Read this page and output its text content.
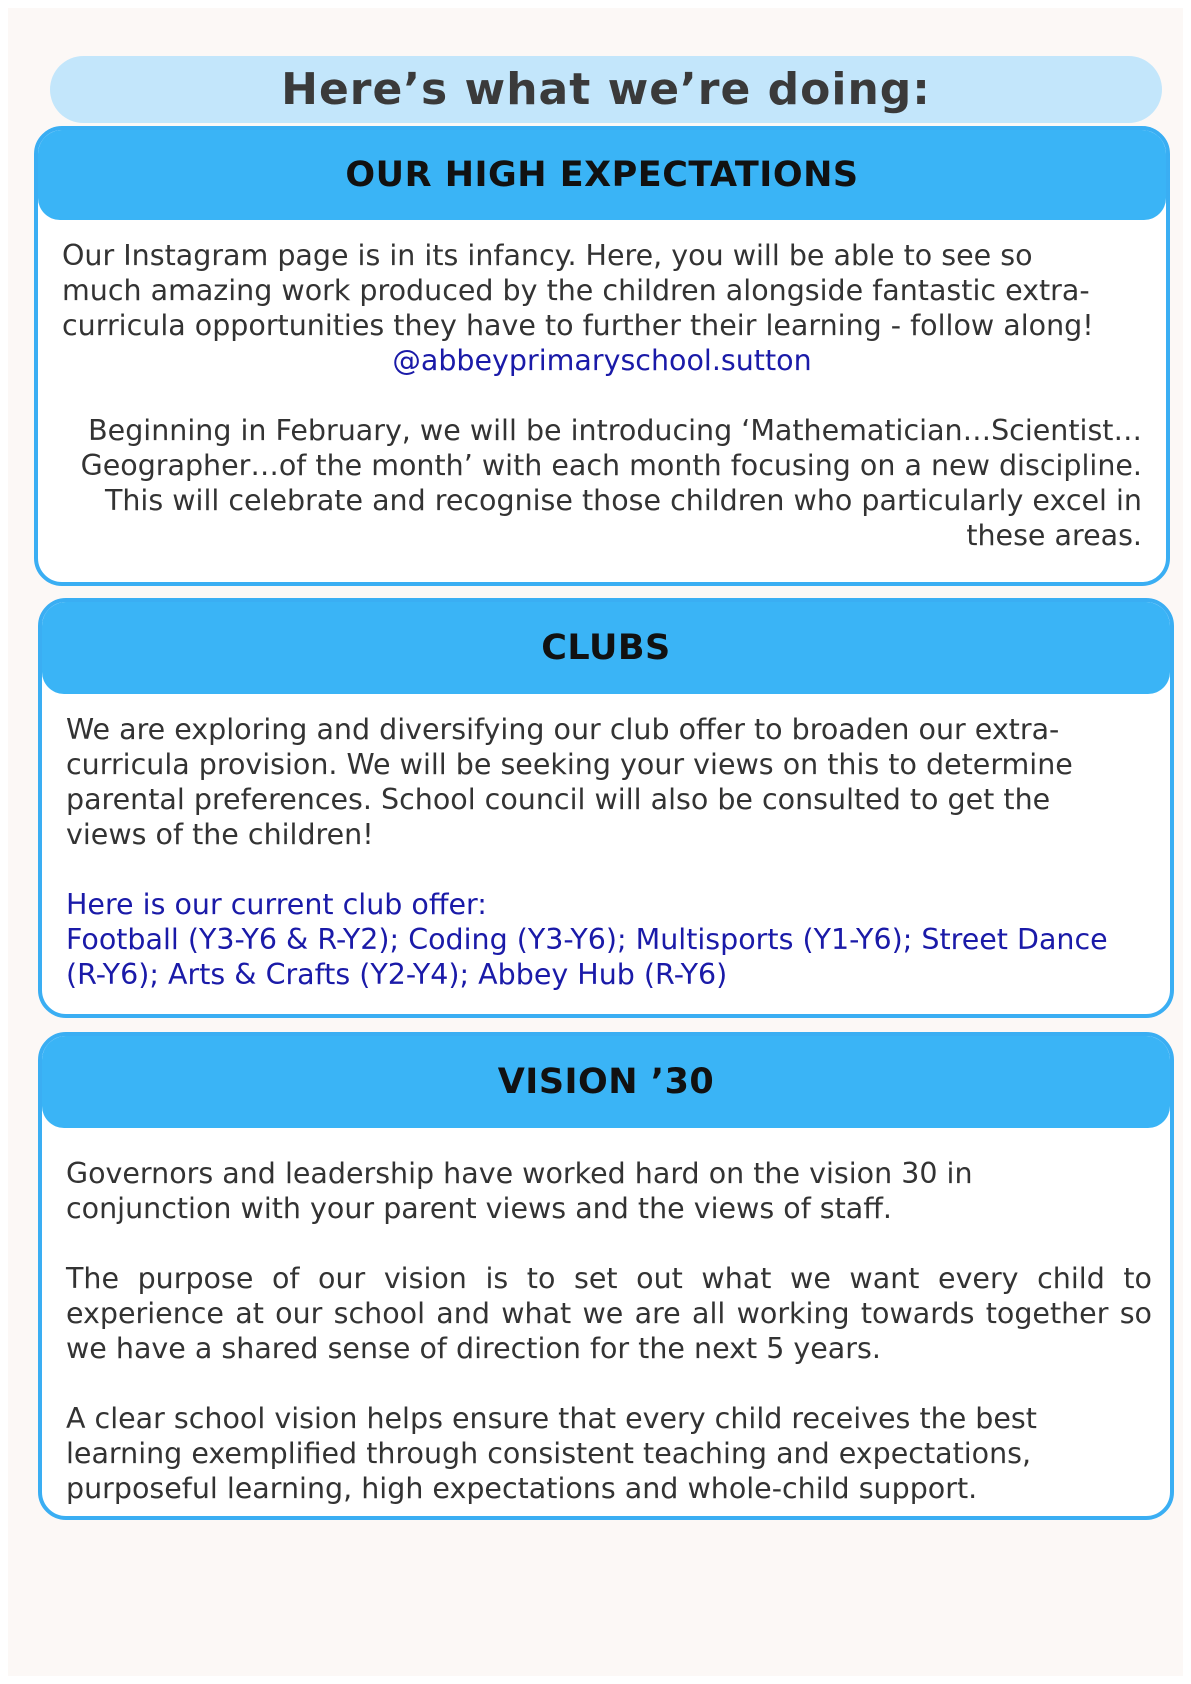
Here’s what we’re doing:
OUR HIGH EXPECTATIONS

Our Instagram page is in its infancy. Here, you will be able to see so much amazing work produced by the children alongside fantastic extra-curricula opportunities they have to further their learning - follow along!

@abbeyprimaryschool.sutton

Beginning in February, we will be introducing ‘Mathematician…Scientist…Geographer…of the month’ with each month focusing on a new discipline. This will celebrate and recognise those children who particularly excel in these areas.

CLUBS

We are exploring and diversifying our club offer to broaden our extra-curricula provision. We will be seeking your views on this to determine parental preferences. School council will also be consulted to get the views of the children!

Here is our current club offer:

Football (Y3-Y6 & R-Y2); Coding (Y3-Y6); Multisports (Y1-Y6); Street Dance (R-Y6); Arts & Crafts (Y2-Y4); Abbey Hub (R-Y6)

VISION ’30

Governors and leadership have worked hard on the vision 30 in conjunction with your parent views and the views of staff.

The purpose of our vision is to set out what we want every child to experience at our school and what we are all working towards together so we have a shared sense of direction for the next 5 years.

A clear school vision helps ensure that every child receives the best learning exemplified through consistent teaching and expectations, purposeful learning, high expectations and whole-child support.
